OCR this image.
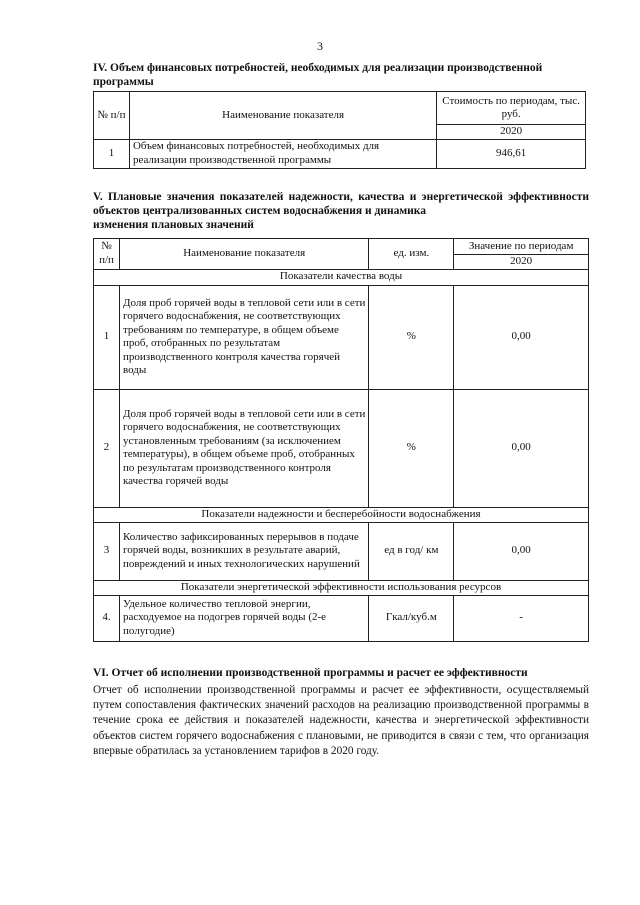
3
IV. Объем финансовых потребностей, необходимых для реализации производственной программы
№ п/п	Наименование показателя	Стоимость по периодам, тыс. руб.
		2020
1	Объем финансовых потребностей, необходимых для реализации производственной программы	946,61
V. Плановые значения показателей надежности, качества и энергетической эффективности объектов централизованных систем водоснабжения и динамика
изменения плановых значений
№ п/п	Наименование показателя	ед. изм.	Значение по периодам
			2020
Показатели качества воды			
1	Доля проб горячей воды в тепловой сети или в сети горячего водоснабжения, не соответствующих требованиям по температуре, в общем объеме проб, отобранных по результатам производственного контроля качества горячей воды	%	0,00
2	Доля проб горячей воды в тепловой сети или в сети горячего водоснабжения, не соответствующих установленным требованиям (за исключением температуры), в общем объеме проб, отобранных по результатам производственного контроля качества горячей воды	%	0,00
Показатели надежности и бесперебойности водоснабжения			
3	Количество зафиксированных перерывов в подаче горячей воды, возникших в результате аварий, повреждений и иных технологических нарушений	ед в год/ км	0,00
Показатели энергетической эффективности использования ресурсов			
4.	Удельное количество тепловой энергии, расходуемое на подогрев горячей воды (2-е полугодие)	Гкал/куб.м	-
VI. Отчет об исполнении производственной программы и расчет ее эффективности
Отчет об исполнении производственной программы и расчет ее эффективности, осуществляемый путем сопоставления фактических значений расходов на реализацию производственной программы в течение срока ее действия и показателей надежности, качества и энергетической эффективности объектов систем горячего водоснабжения с плановыми, не приводится в связи с тем, что организация впервые обратилась за установлением тарифов в 2020 году.
